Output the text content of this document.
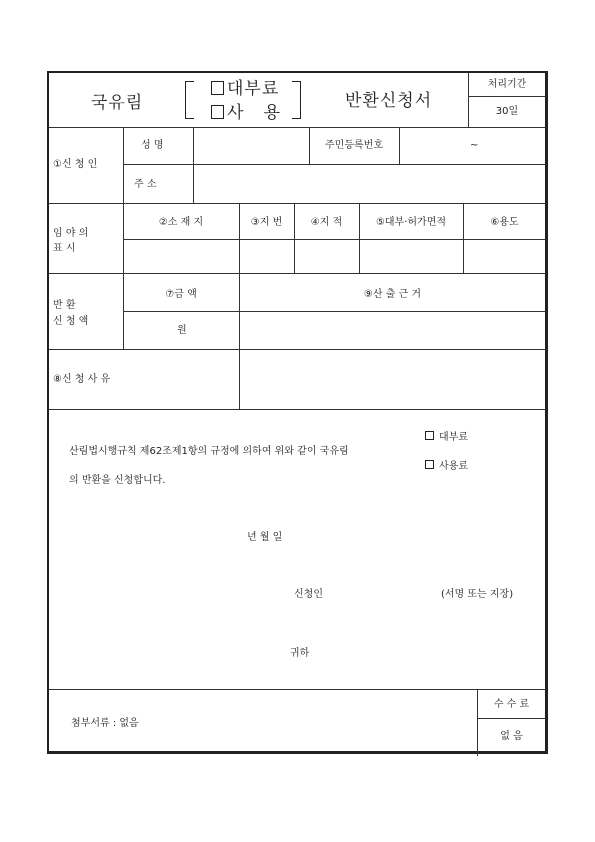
국유림
대부료
사 용
반환신청서
처리기간
30일
①신 청 인
성 명	주민등록번호	~
주 소
임 야 의
표 시
②소 재 지	③지 번	④지 적	⑤대부·허가면적	⑥용도
반 환
신 청 액
⑦금 액	⑨산 출 근 거
원
⑧신 청 사 유
산림법시행규칙 제62조제1항의 규정에 의하여 위와 같이 국유림
의 반환을 신청합니다.
대부료
사용료
년 월 일
신청인	(서명 또는 지장)
귀하
첨부서류 : 없음
수 수 료
없 음
